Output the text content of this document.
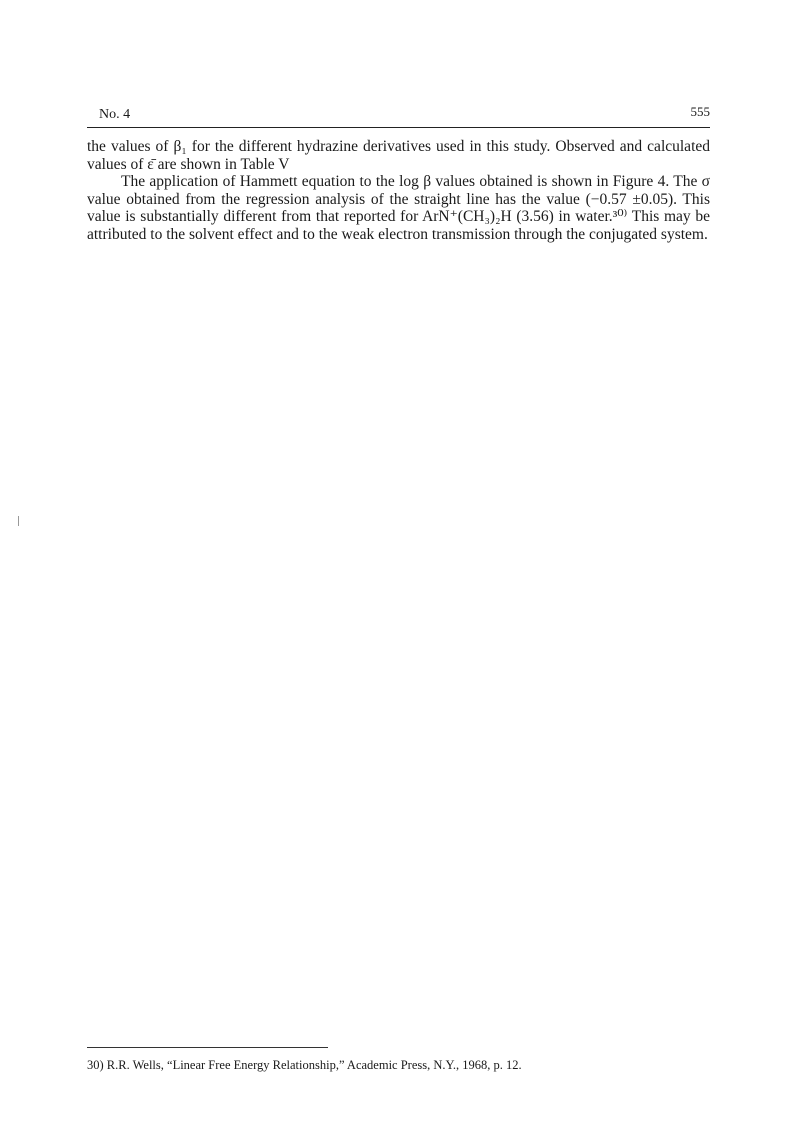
No. 4	555

the values of β₁ for the different hydrazine derivatives used in this study. Observed and calculated values of ε̄ are shown in Table V

The application of Hammett equation to the log β values obtained is shown in Figure 4. The σ value obtained from the regression analysis of the straight line has the value (−0.57 ±0.05). This value is substantially different from that reported for ArN⁺(CH₃)₂H (3.56) in water.³⁰⁾ This may be attributed to the solvent effect and to the weak electron transmission through the conjugated system.

30) R.R. Wells, “Linear Free Energy Relationship,” Academic Press, N.Y., 1968, p. 12.
